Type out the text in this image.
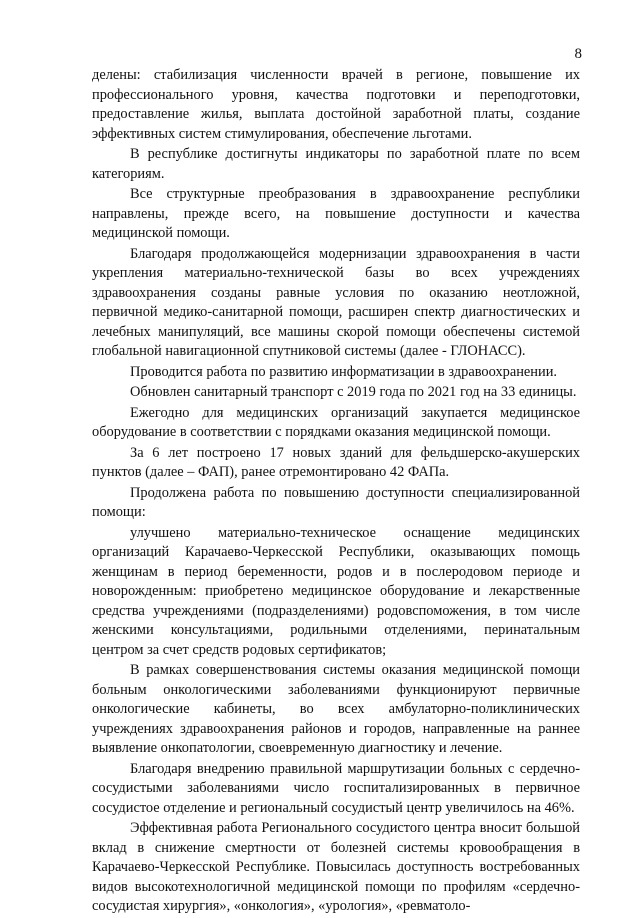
8

делены: стабилизация численности врачей в регионе, повышение их профессионального уровня, качества подготовки и переподготовки, предоставление жилья, выплата достойной заработной платы, создание эффективных систем стимулирования, обеспечение льготами.

В республике достигнуты индикаторы по заработной плате по всем категориям.

Все структурные преобразования в здравоохранение республики направлены, прежде всего, на повышение доступности и качества медицинской помощи.

Благодаря продолжающейся модернизации здравоохранения в части укрепления материально-технической базы во всех учреждениях здравоохранения созданы равные условия по оказанию неотложной, первичной медико-санитарной помощи, расширен спектр диагностических и лечебных манипуляций, все машины скорой помощи обеспечены системой глобальной навигационной спутниковой системы (далее - ГЛОНАСС).

Проводится работа по развитию информатизации в здравоохранении.

Обновлен санитарный транспорт с 2019 года по 2021 год на 33 единицы.

Ежегодно для медицинских организаций закупается медицинское оборудование в соответствии с порядками оказания медицинской помощи.

За 6 лет построено 17 новых зданий для фельдшерско-акушерских пунктов (далее – ФАП), ранее отремонтировано 42 ФАПа.

Продолжена работа по повышению доступности специализированной помощи:

улучшено материально-техническое оснащение медицинских организаций Карачаево-Черкесской Республики, оказывающих помощь женщинам в период беременности, родов и в послеродовом периоде и новорожденным: приобретено медицинское оборудование и лекарственные средства учреждениями (подразделениями) родовспоможения, в том числе женскими консультациями, родильными отделениями, перинатальным центром за счет средств родовых сертификатов;

В рамках совершенствования системы оказания медицинской помощи больным онкологическими заболеваниями функционируют первичные онкологические кабинеты, во всех амбулаторно-поликлинических учреждениях здравоохранения районов и городов, направленные на раннее выявление онкопатологии, своевременную диагностику и лечение.

Благодаря внедрению правильной маршрутизации больных с сердечно-сосудистыми заболеваниями число госпитализированных в первичное сосудистое отделение и региональный сосудистый центр увеличилось на 46%.

Эффективная работа Регионального сосудистого центра вносит большой вклад в снижение смертности от болезней системы кровообращения в Карачаево-Черкесской Республике. Повысилась доступность востребованных видов высокотехнологичной медицинской помощи по профилям «сердечно-сосудистая хирургия», «онкология», «урология», «ревматоло-
